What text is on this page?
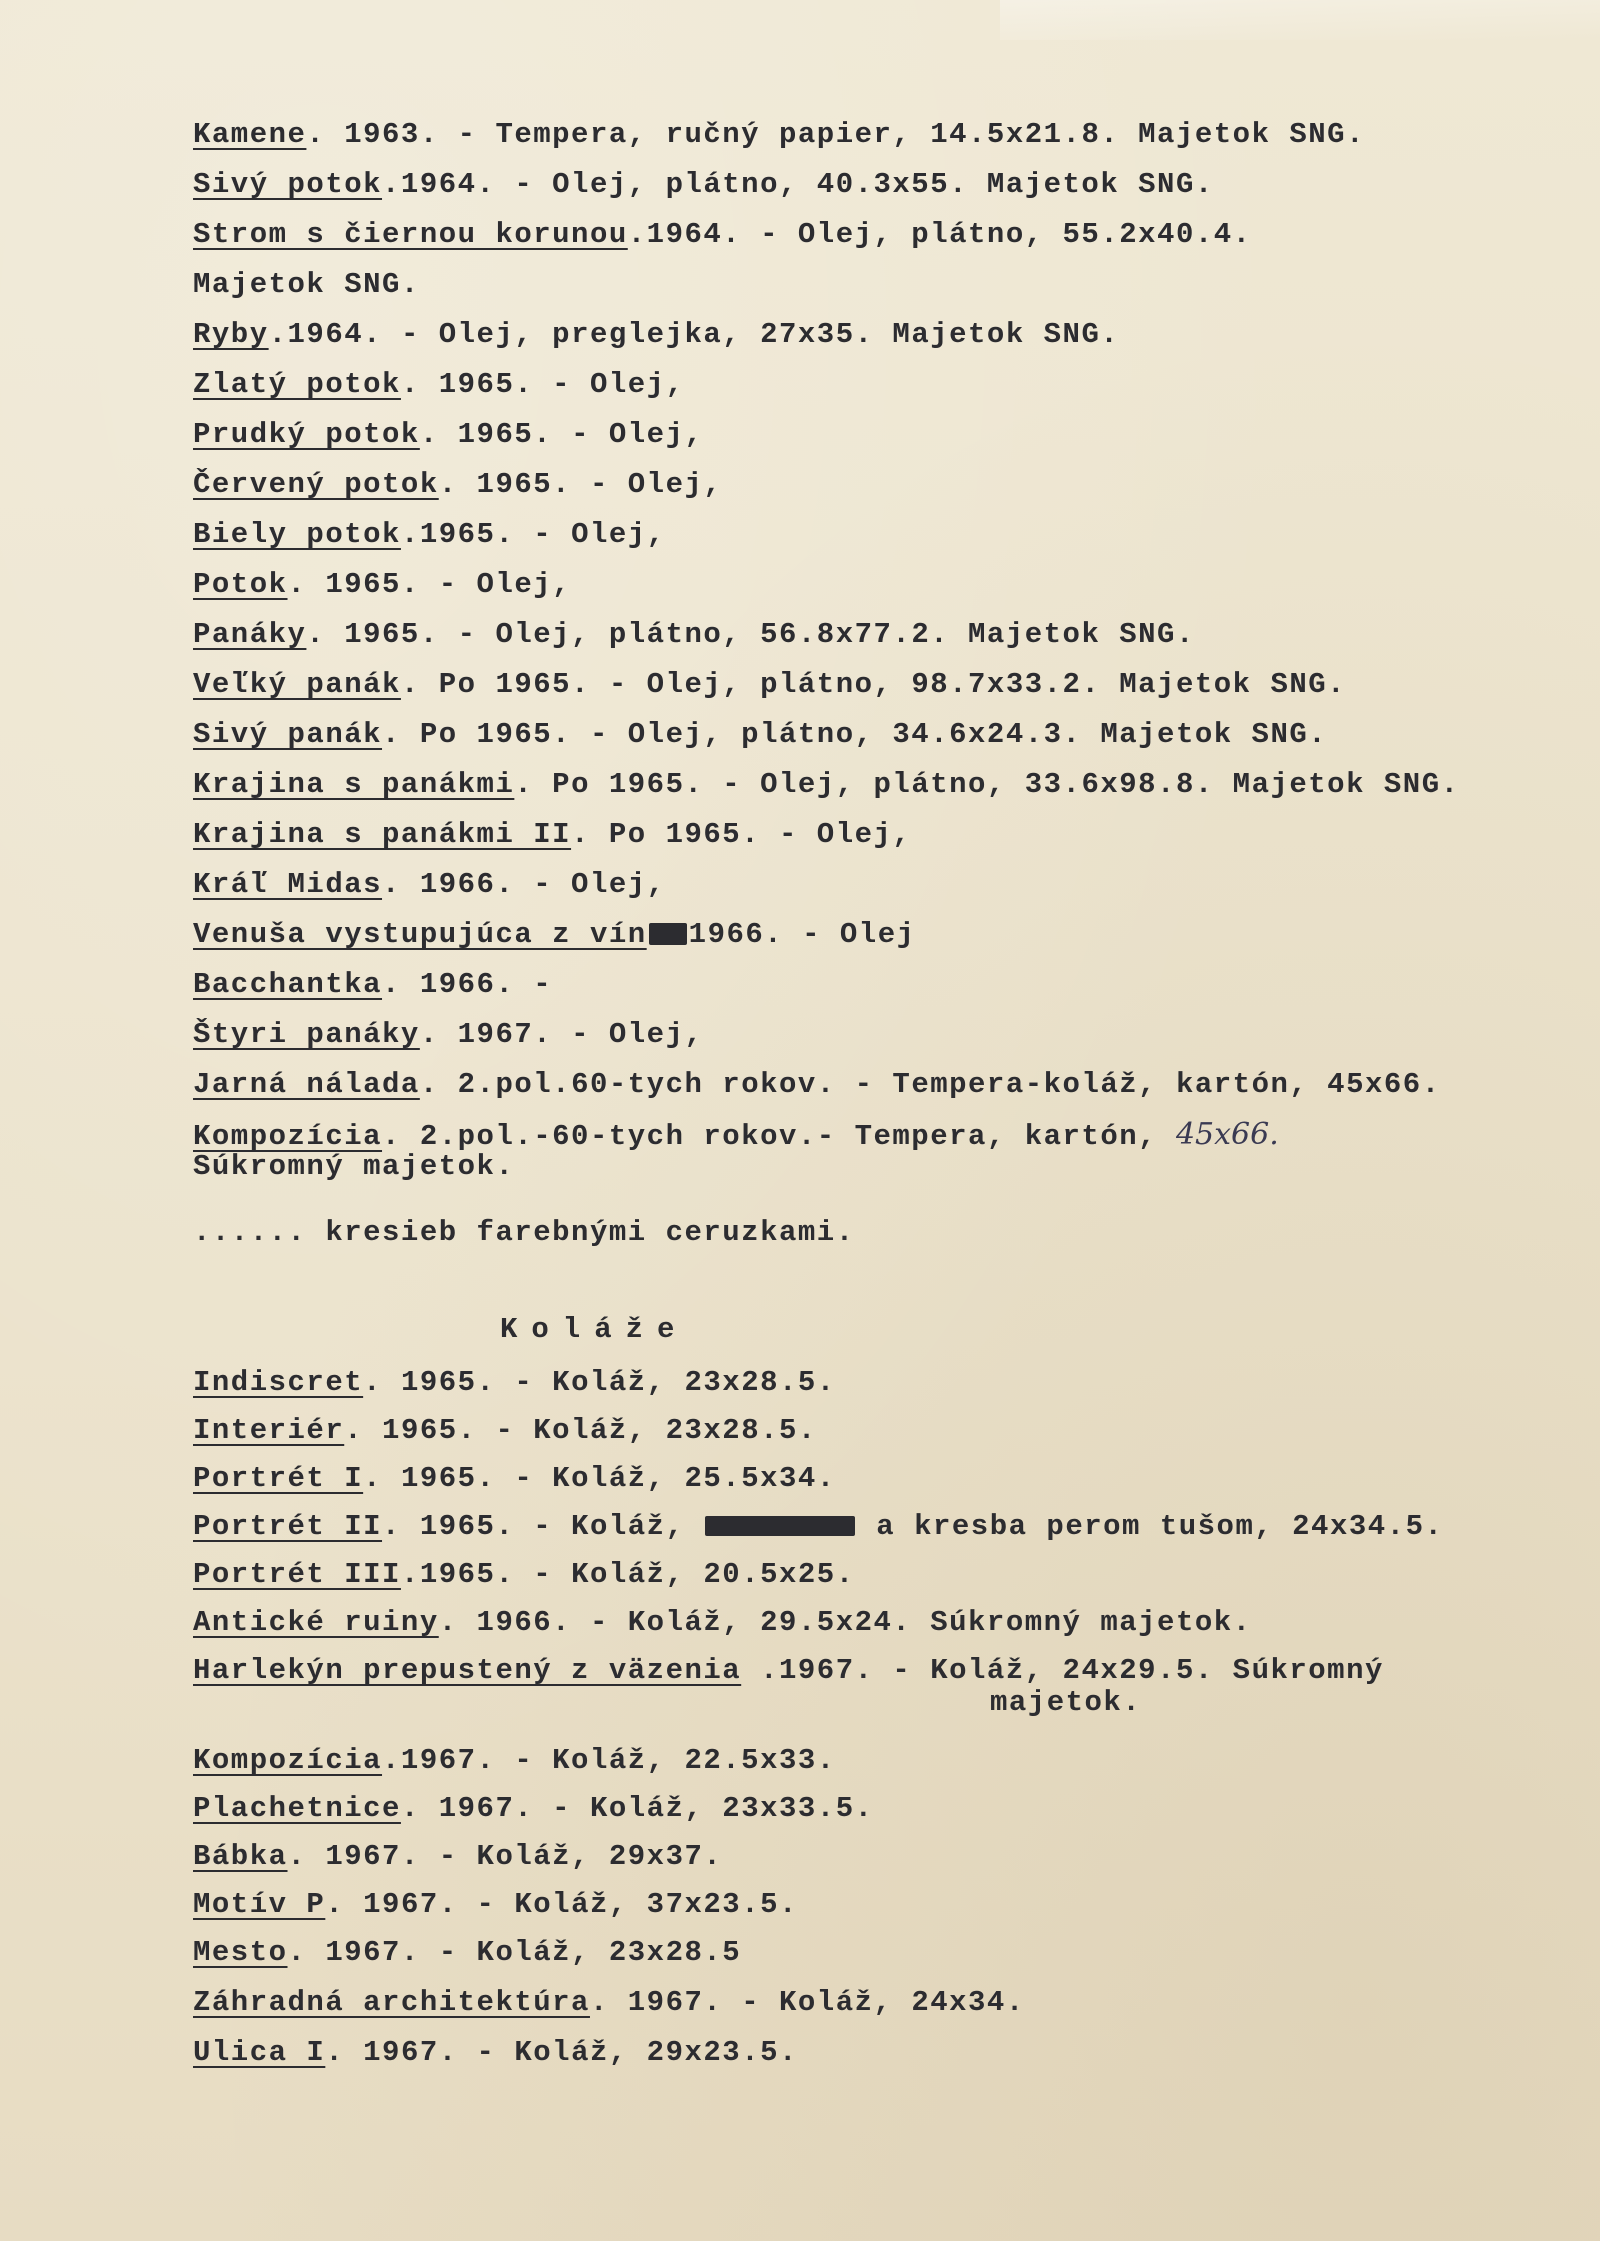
Kamene. 1963. - Tempera, ručný papier, 14.5x21.8. Majetok SNG.
Sivý potok.1964. - Olej, plátno, 40.3x55. Majetok SNG.
Strom s čiernou korunou.1964. - Olej, plátno, 55.2x40.4.
Majetok SNG.
Ryby.1964. - Olej, preglejka, 27x35. Majetok SNG.
Zlatý potok. 1965. - Olej,
Prudký potok. 1965. - Olej,
Červený potok. 1965. - Olej,
Biely potok.1965. - Olej,
Potok. 1965. - Olej,
Panáky. 1965. - Olej, plátno, 56.8x77.2. Majetok SNG.
Veľký panák. Po 1965. - Olej, plátno, 98.7x33.2. Majetok SNG.
Sivý panák. Po 1965. - Olej, plátno, 34.6x24.3. Majetok SNG.
Krajina s panákmi. Po 1965. - Olej, plátno, 33.6x98.8. Majetok SNG.
Krajina s panákmi II. Po 1965. - Olej,
Kráľ Midas. 1966. - Olej,
Venuša vystupujúca z vín 1966. - Olej
Bacchantka. 1966. -
Štyri panáky. 1967. - Olej,
Jarná nálada. 2.pol.60-tych rokov. - Tempera-koláž, kartón, 45x66.
Kompozícia. 2.pol.-60-tych rokov.- Tempera, kartón, 45x66.
Súkromný majetok.
...... kresieb farebnými ceruzkami.
Koláže
Indiscret. 1965. - Koláž, 23x28.5.
Interiér. 1965. - Koláž, 23x28.5.
Portrét I. 1965. - Koláž, 25.5x34.
Portrét II. 1965. - Koláž,	a kresba perom tušom, 24x34.5.
Portrét III.1965. - Koláž, 20.5x25.
Antické ruiny. 1966. - Koláž, 29.5x24. Súkromný majetok.
Harlekýn prepustený z väzenia .1967. - Koláž, 24x29.5. Súkromný
majetok.
Kompozícia.1967. - Koláž, 22.5x33.
Plachetnice. 1967. - Koláž, 23x33.5.
Bábka. 1967. - Koláž, 29x37.
Motív P. 1967. - Koláž, 37x23.5.
Mesto. 1967. - Koláž, 23x28.5
Záhradná architektúra. 1967. - Koláž, 24x34.
Ulica I. 1967. - Koláž, 29x23.5.
